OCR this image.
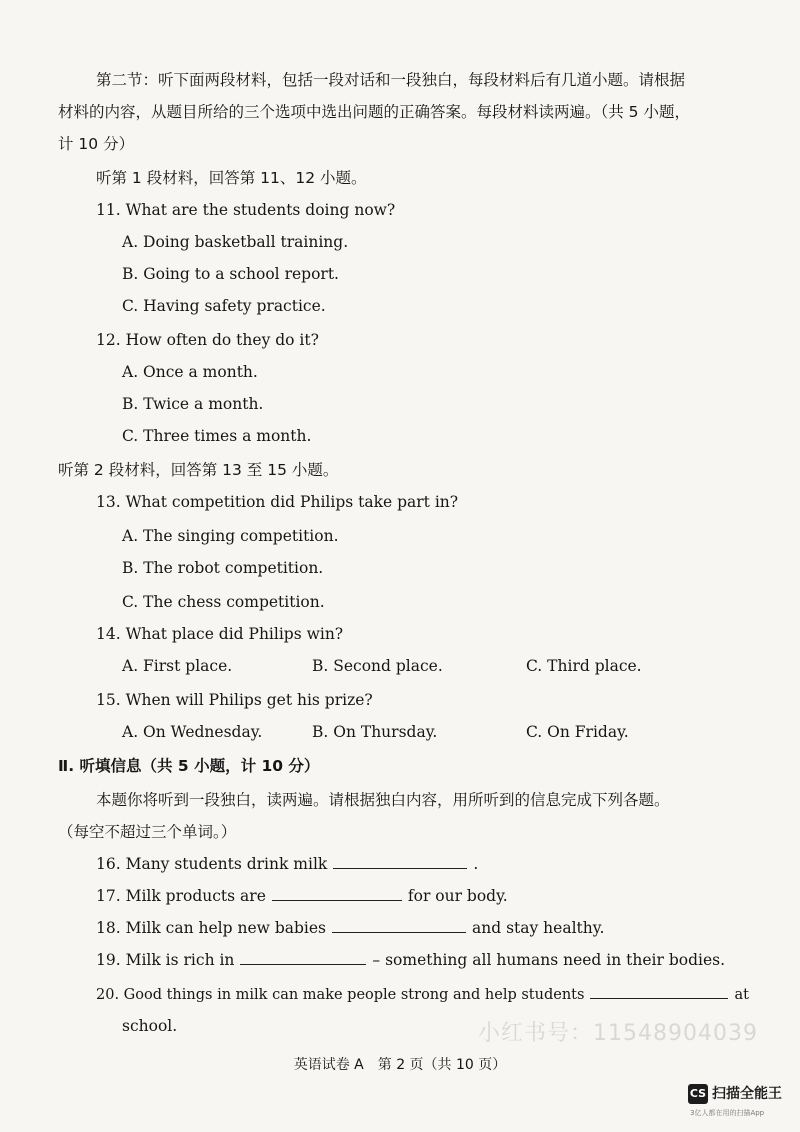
第二节：听下面两段材料，包括一段对话和一段独白，每段材料后有几道小题。请根据
材料的内容，从题目所给的三个选项中选出问题的正确答案。每段材料读两遍。（共 5 小题，
计 10 分）
听第 1 段材料，回答第 11、12 小题。
11. What are the students doing now?
A. Doing basketball training.
B. Going to a school report.
C. Having safety practice.
12. How often do they do it?
A. Once a month.
B. Twice a month.
C. Three times a month.
听第 2 段材料，回答第 13 至 15 小题。
13. What competition did Philips take part in?
A. The singing competition.
B. The robot competition.
C. The chess competition.
14. What place did Philips win?
A. First place.	B. Second place.	C. Third place.
15. When will Philips get his prize?
A. On Wednesday.	B. On Thursday.	C. On Friday.
Ⅱ. 听填信息（共 5 小题，计 10 分）
本题你将听到一段独白，读两遍。请根据独白内容，用所听到的信息完成下列各题。
（每空不超过三个单词。）
16. Many students drink milk	.
17. Milk products are	for our body.
18. Milk can help new babies	and stay healthy.
19. Milk is rich in	– something all humans need in their bodies.
20. Good things in milk can make people strong and help students	at
school.	小红书号：1154890​4039
英语试卷 A　第 2 页（共 10 页）
CS 扫描全能王
3亿人都在用的扫描App
